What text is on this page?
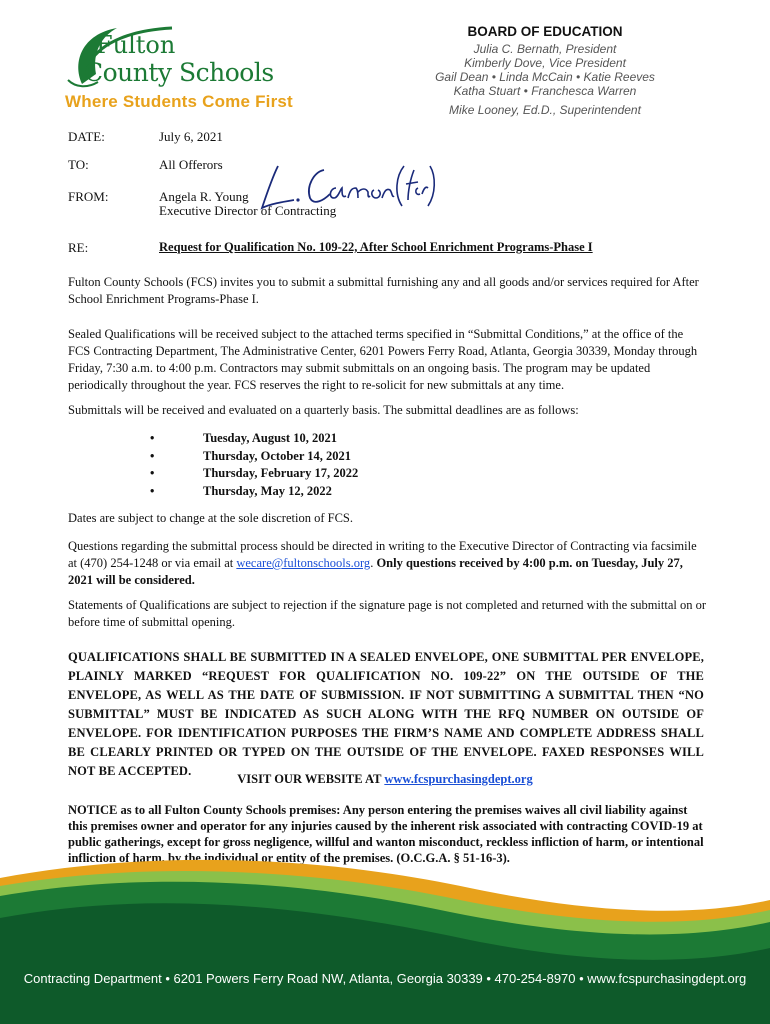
Fulton
County Schools
Where Students Come First
BOARD OF EDUCATION
Julia C. Bernath, President
Kimberly Dove, Vice President
Gail Dean • Linda McCain • Katie Reeves
Katha Stuart • Franchesca Warren
Mike Looney, Ed.D., Superintendent
DATE:	July 6, 2021
TO:	All Offerors
FROM:	Angela R. Young
Executive Director of Contracting
RE:	Request for Qualification No. 109-22, After School Enrichment Programs-Phase I
Fulton County Schools (FCS) invites you to submit a submittal furnishing any and all goods and/or services required for After School Enrichment Programs-Phase I.
Sealed Qualifications will be received subject to the attached terms specified in “Submittal Conditions,” at the office of the FCS Contracting Department, The Administrative Center, 6201 Powers Ferry Road, Atlanta, Georgia 30339, Monday through Friday, 7:30 a.m. to 4:00 p.m. Contractors may submit submittals on an ongoing basis. The program may be updated periodically throughout the year. FCS reserves the right to re-solicit for new submittals at any time.
Submittals will be received and evaluated on a quarterly basis. The submittal deadlines are as follows:
•	Tuesday, August 10, 2021
•	Thursday, October 14, 2021
•	Thursday, February 17, 2022
•	Thursday, May 12, 2022
Dates are subject to change at the sole discretion of FCS.
Questions regarding the submittal process should be directed in writing to the Executive Director of Contracting via facsimile at (470) 254-1248 or via email at wecare@fultonschools.org. Only questions received by 4:00 p.m. on Tuesday, July 27, 2021 will be considered.
Statements of Qualifications are subject to rejection if the signature page is not completed and returned with the submittal on or before time of submittal opening.
QUALIFICATIONS SHALL BE SUBMITTED IN A SEALED ENVELOPE, ONE SUBMITTAL PER ENVELOPE, PLAINLY MARKED “REQUEST FOR QUALIFICATION NO. 109-22” ON THE OUTSIDE OF THE ENVELOPE, AS WELL AS THE DATE OF SUBMISSION. IF NOT SUBMITTING A SUBMITTAL THEN “NO SUBMITTAL” MUST BE INDICATED AS SUCH ALONG WITH THE RFQ NUMBER ON OUTSIDE OF ENVELOPE. FOR IDENTIFICATION PURPOSES THE FIRM’S NAME AND COMPLETE ADDRESS SHALL BE CLEARLY PRINTED OR TYPED ON THE OUTSIDE OF THE ENVELOPE. FAXED RESPONSES WILL NOT BE ACCEPTED.
VISIT OUR WEBSITE AT www.fcspurchasingdept.org
NOTICE as to all Fulton County Schools premises: Any person entering the premises waives all civil liability against this premises owner and operator for any injuries caused by the inherent risk associated with contracting COVID-19 at public gatherings, except for gross negligence, willful and wanton misconduct, reckless infliction of harm, or intentional infliction of harm, by the individual or entity of the premises. (O.C.G.A. § 51-16-3).
Contracting Department • 6201 Powers Ferry Road NW, Atlanta, Georgia 30339 • 470-254-8970 • www.fcspurchasingdept.org
